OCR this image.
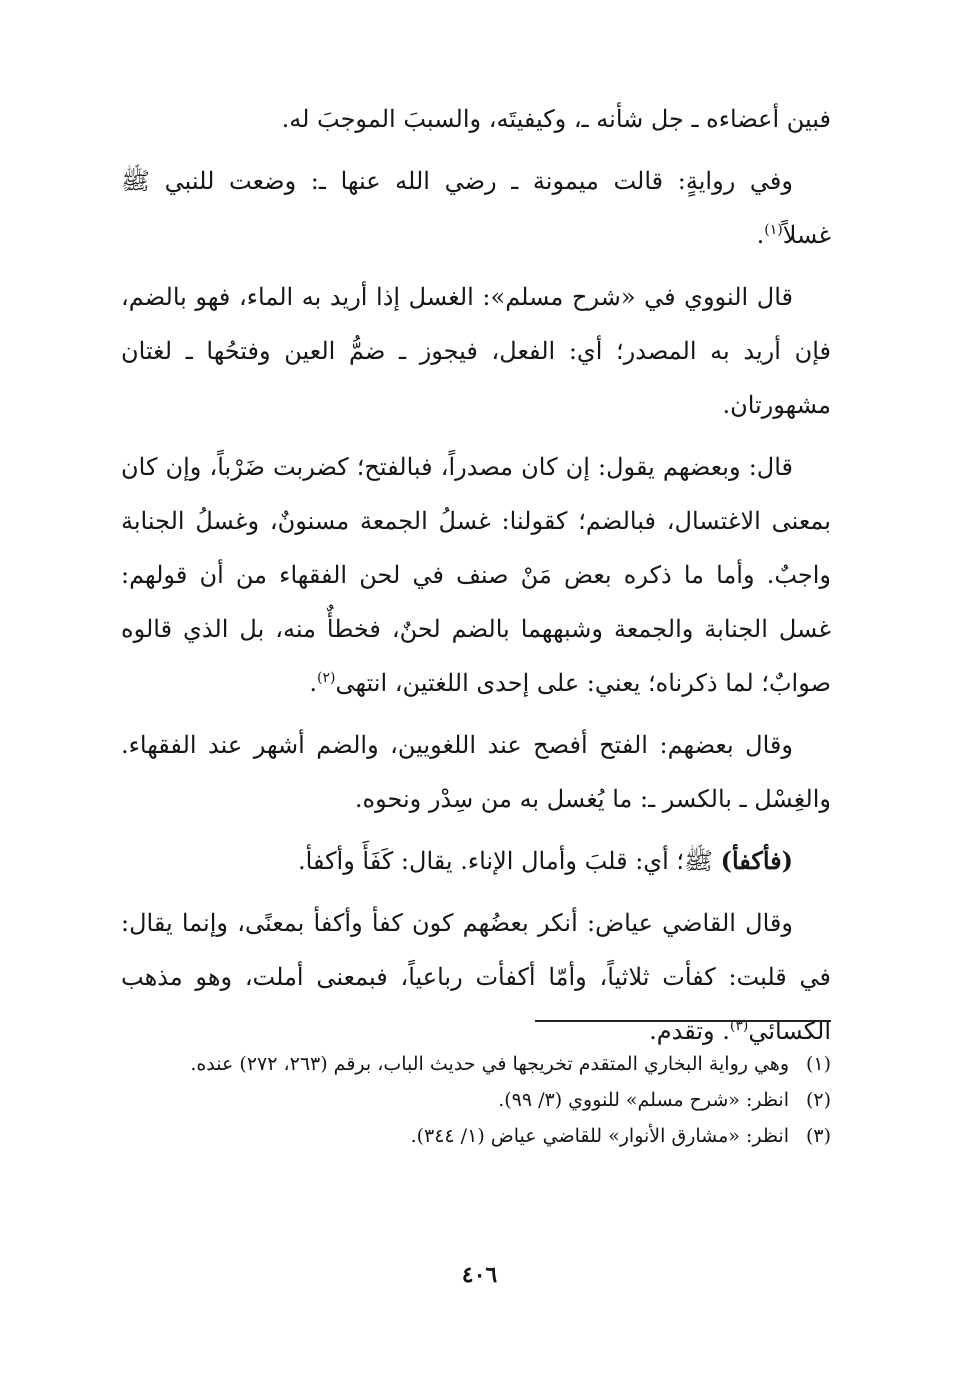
فبين أعضاءه ـ جل شأنه ـ، وكيفيتَه، والسببَ الموجبَ له.

وفي روايةٍ: قالت ميمونة ـ رضي الله عنها ـ: وضعت للنبي ﷺ غسلاً$^{(١)}$.

قال النووي في «شرح مسلم»: الغسل إذا أريد به الماء، فهو بالضم، فإن أريد به المصدر؛ أي: الفعل، فيجوز ـ ضمُّ العين وفتحُها ـ لغتان مشهورتان.

قال: وبعضهم يقول: إن كان مصدراً، فبالفتح؛ كضربت ضَرْباً، وإن كان بمعنى الاغتسال، فبالضم؛ كقولنا: غسلُ الجمعة مسنونٌ، وغسلُ الجنابة واجبٌ. وأما ما ذكره بعض مَنْ صنف في لحن الفقهاء من أن قولهم: غسل الجنابة والجمعة وشبههما بالضم لحنٌ، فخطأٌ منه، بل الذي قالوه صوابٌ؛ لما ذكرناه؛ يعني: على إحدى اللغتين، انتهى$^{(٢)}$.

وقال بعضهم: الفتح أفصح عند اللغويين، والضم أشهر عند الفقهاء. والغِسْل ـ بالكسر ـ: ما يُغسل به من سِدْر ونحوه.

(فأكفأ) ﷺ؛ أي: قلبَ وأمال الإناء. يقال: كَفَأَ وأكفأ.

وقال القاضي عياض: أنكر بعضُهم كون كفأ وأكفأ بمعنًى، وإنما يقال: في قلبت: كفأت ثلاثياً، وأمّا أكفأت رباعياً، فبمعنى أملت، وهو مذهب الكسائي$^{(٣)}$. وتقدم.

(١)
وهي رواية البخاري المتقدم تخريجها في حديث الباب، برقم (٢٦٣، ٢٧٢) عنده.
(٢)
انظر: «شرح مسلم» للنووي (٣/ ٩٩).
(٣)
انظر: «مشارق الأنوار» للقاضي عياض (١/ ٣٤٤).
٤٠٦
